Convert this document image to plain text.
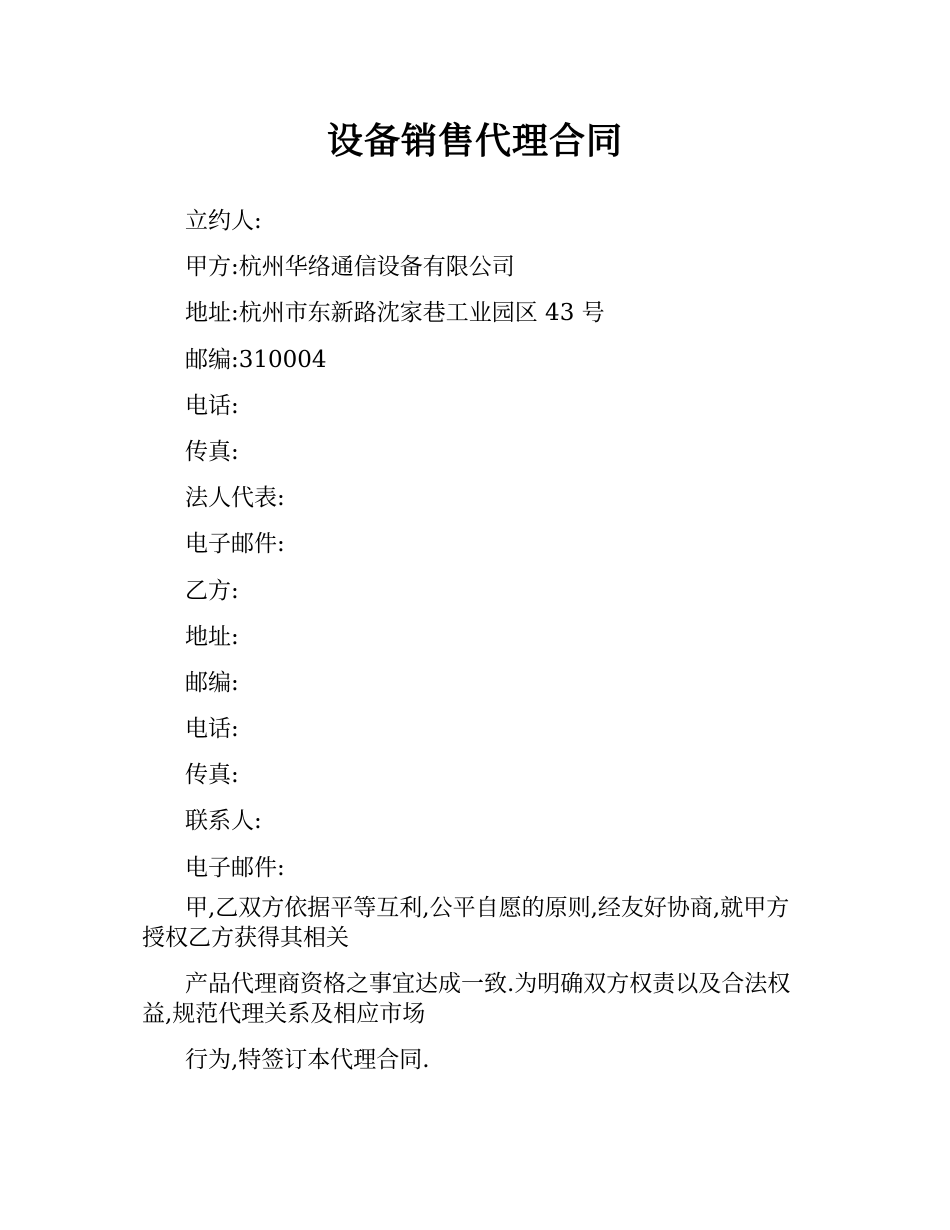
设备销售代理合同
立约人:
甲方:杭州华络通信设备有限公司
地址:杭州市东新路沈家巷工业园区 43 号
邮编:310004
电话:
传真:
法人代表:
电子邮件:
乙方:
地址:
邮编:
电话:
传真:
联系人:
电子邮件:

甲,乙双方依据平等互利,公平自愿的原则,经友好协商,就甲方授权乙方获得其相关

产品代理商资格之事宜达成一致.为明确双方权责以及合法权益,规范代理关系及相应市场

行为,特签订本代理合同.
